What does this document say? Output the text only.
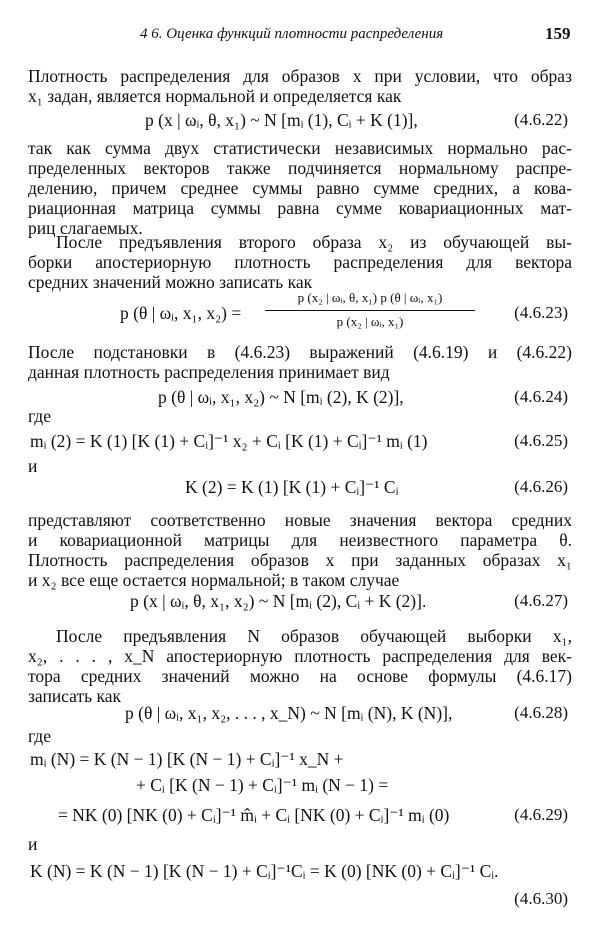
4 6. Оценка функций плотности распределения	159
Плотность распределения для образов x при условии, что образ
x₁ задан, является нормальной и определяется как
p (x | ωᵢ, θ, x₁) ~ N [mᵢ (1), Cᵢ + K (1)],	(4.6.22)
так как сумма двух статистически независимых нормально рас-
пределенных векторов также подчиняется нормальному распре-
делению, причем среднее суммы равно сумме средних, а кова-
риационная матрица суммы равна сумме ковариационных мат-
риц слагаемых.
После предъявления второго образа x₂ из обучающей вы-
борки апостериорную плотность распределения для вектора
средних значений можно записать как
p (θ | ωᵢ, x₁, x₂) =
p (x₂ | ωᵢ, θ, x₁) p (θ | ωᵢ, x₁)
p (x₂ | ωᵢ, x₁)	(4.6.23)
После подстановки в (4.6.23) выражений (4.6.19) и (4.6.22)
данная плотность распределения принимает вид
p (θ | ωᵢ, x₁, x₂) ~ N [mᵢ (2), K (2)],	(4.6.24)
где
mᵢ (2) = K (1) [K (1) + Cᵢ]⁻¹ x₂ + Cᵢ [K (1) + Cᵢ]⁻¹ mᵢ (1)	(4.6.25)
и
K (2) = K (1) [K (1) + Cᵢ]⁻¹ Cᵢ	(4.6.26)
представляют соответственно новые значения вектора средних
и ковариационной матрицы для неизвестного параметра θ.
Плотность распределения образов x при заданных образах x₁
и x₂ все еще остается нормальной; в таком случае
p (x | ωᵢ, θ, x₁, x₂) ~ N [mᵢ (2), Cᵢ + K (2)].	(4.6.27)
После предъявления N образов обучающей выборки x₁,
x₂, . . . , x_N апостериорную плотность распределения для век-
тора средних значений можно на основе формулы (4.6.17)
записать как
p (θ | ωᵢ, x₁, x₂, . . . , x_N) ~ N [mᵢ (N), K (N)],	(4.6.28)
где
mᵢ (N) = K (N − 1) [K (N − 1) + Cᵢ]⁻¹ x_N +
+ Cᵢ [K (N − 1) + Cᵢ]⁻¹ mᵢ (N − 1) =
= NK (0) [NK (0) + Cᵢ]⁻¹ m̂ᵢ + Cᵢ [NK (0) + Cᵢ]⁻¹ mᵢ (0)	(4.6.29)
и
K (N) = K (N − 1) [K (N − 1) + Cᵢ]⁻¹Cᵢ = K (0) [NK (0) + Cᵢ]⁻¹ Cᵢ.
(4.6.30)
